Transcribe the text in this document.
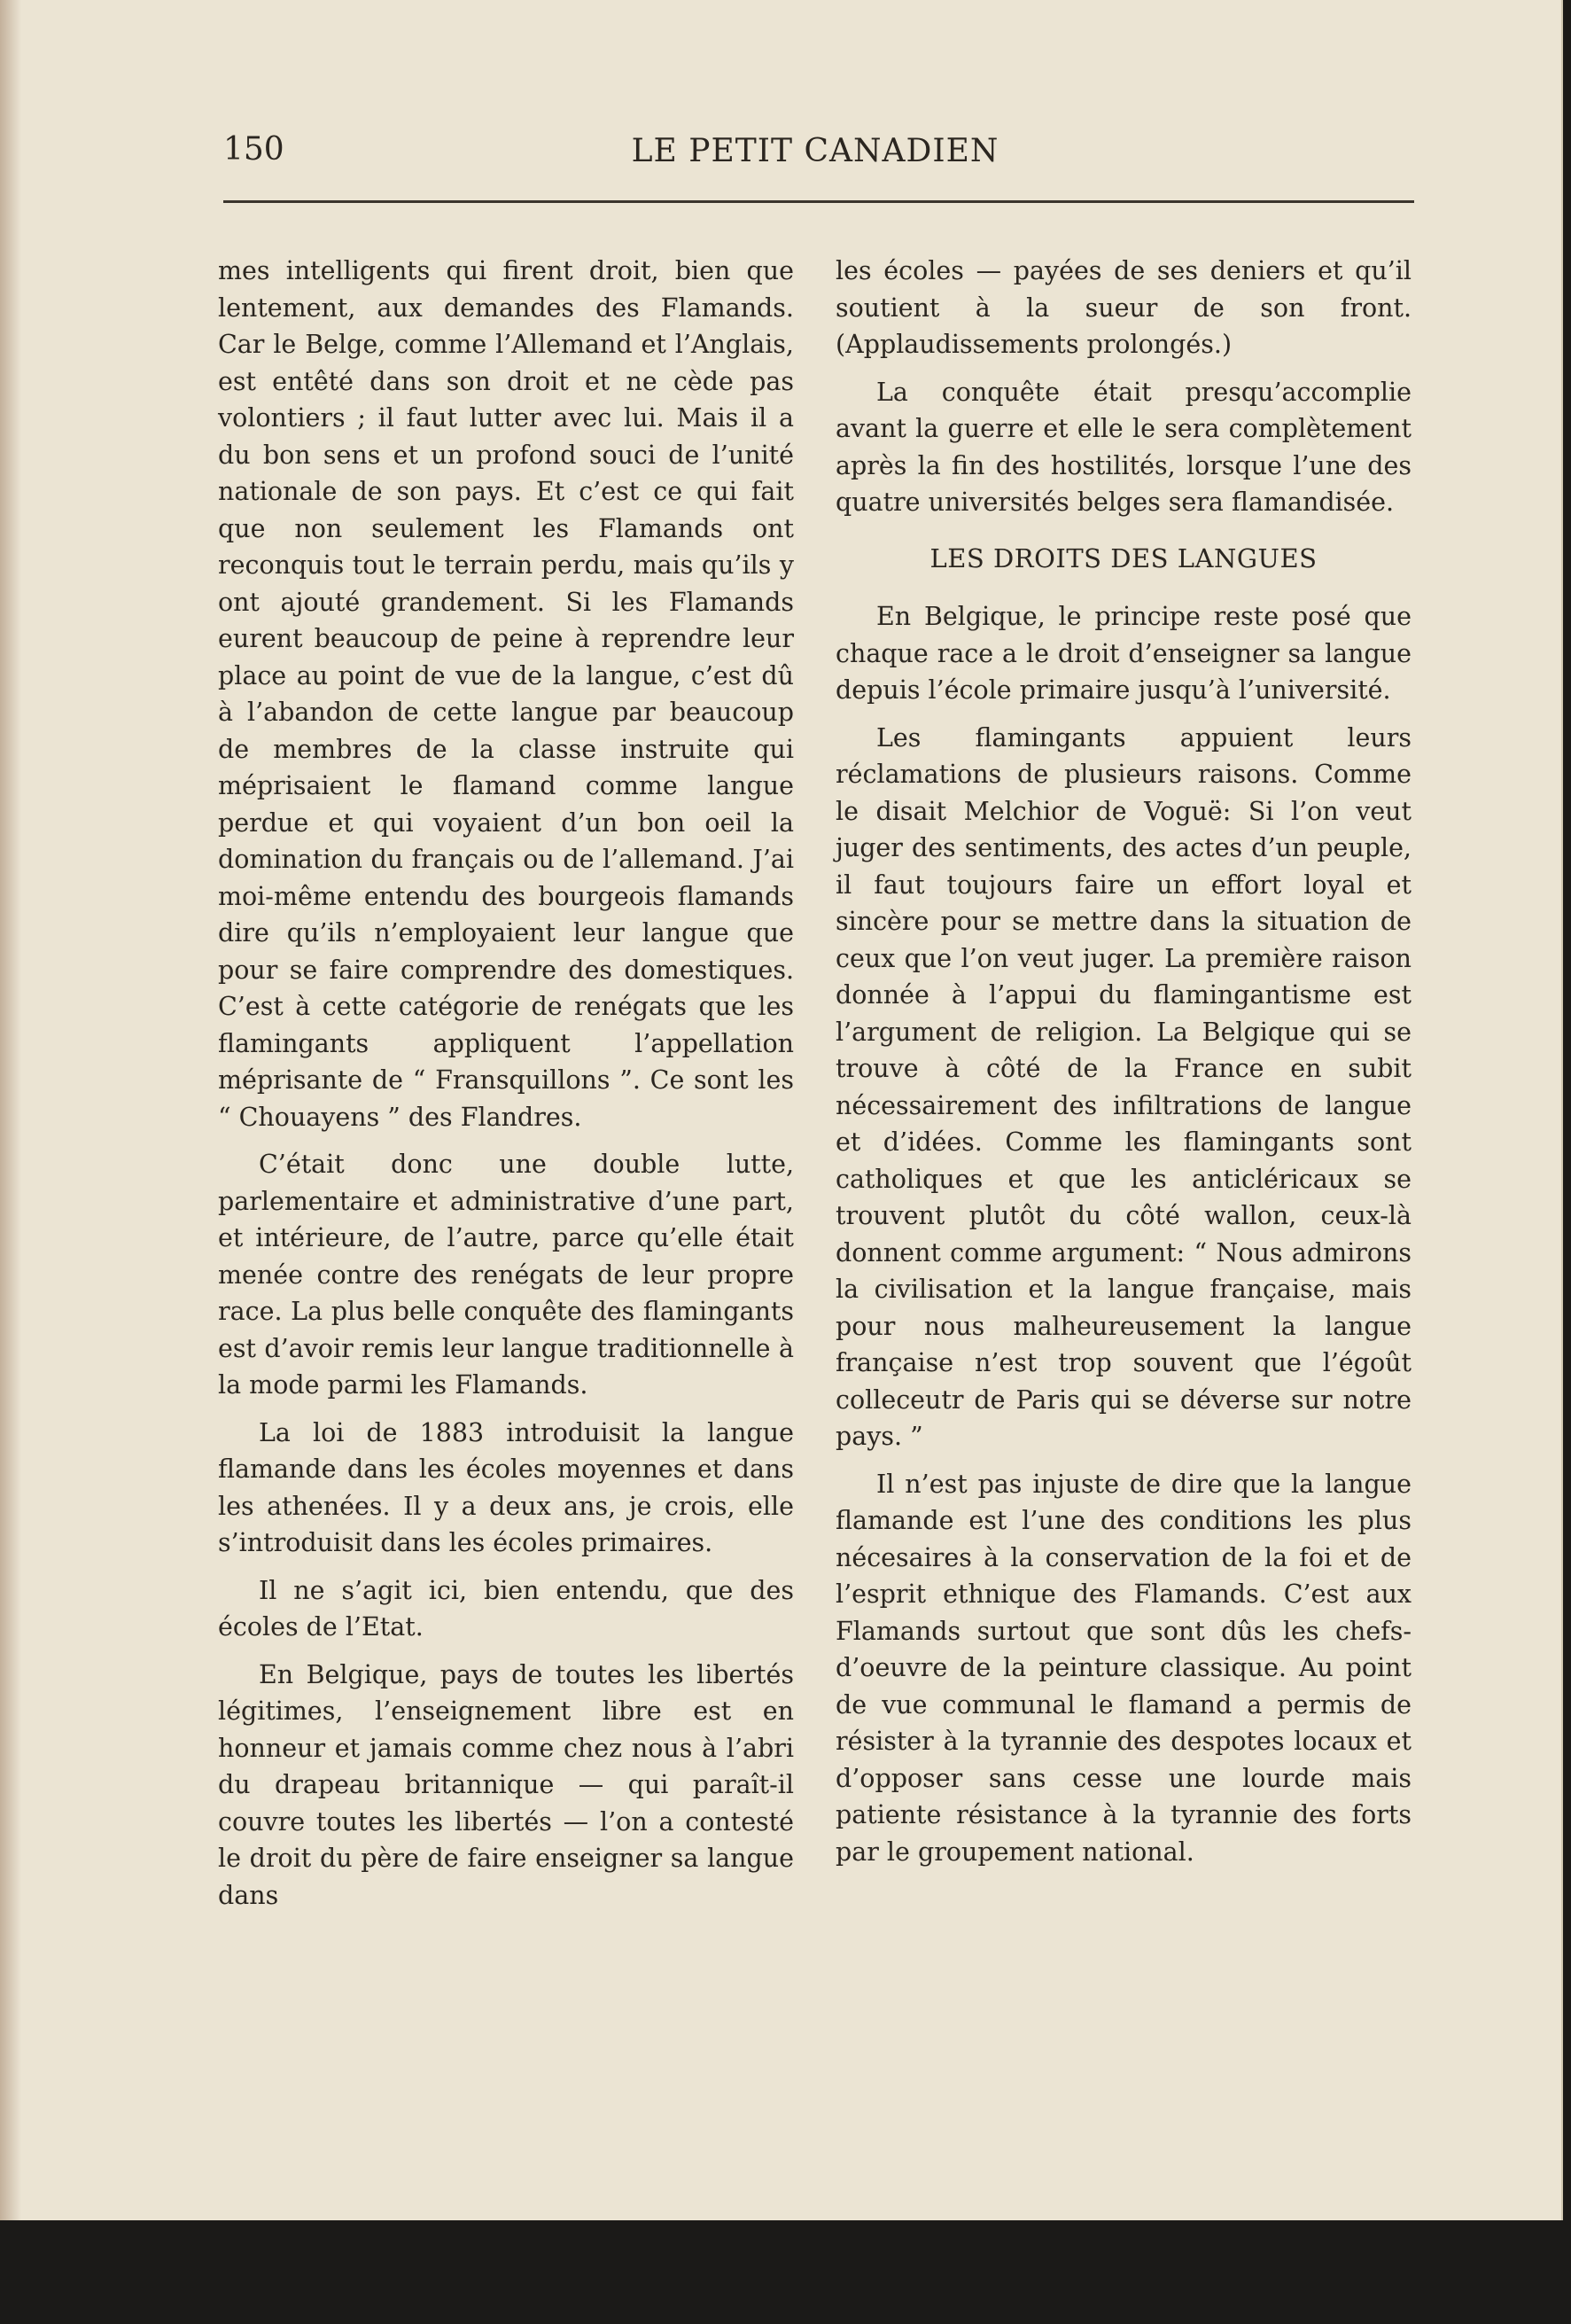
150	LE PETIT CANADIEN

mes intelligents qui firent droit, bien que lentement, aux demandes des Flamands. Car le Belge, comme l’Allemand et l’Anglais, est entêté dans son droit et ne cède pas volontiers ; il faut lutter avec lui. Mais il a du bon sens et un profond souci de l’unité nationale de son pays. Et c’est ce qui fait que non seulement les Flamands ont reconquis tout le terrain perdu, mais qu’ils y ont ajouté grandement. Si les Flamands eurent beaucoup de peine à reprendre leur place au point de vue de la langue, c’est dû à l’abandon de cette langue par beaucoup de membres de la classe instruite qui méprisaient le flamand comme langue perdue et qui voyaient d’un bon oeil la domination du français ou de l’allemand. J’ai moi-même entendu des bourgeois flamands dire qu’ils n’employaient leur langue que pour se faire comprendre des domestiques. C’est à cette catégorie de renégats que les flamingants appliquent l’appellation méprisante de “ Fransquillons ”. Ce sont les “ Chouayens ” des Flandres.

C’était donc une double lutte, parlementaire et administrative d’une part, et intérieure, de l’autre, parce qu’elle était menée contre des renégats de leur propre race. La plus belle conquête des flamingants est d’avoir remis leur langue traditionnelle à la mode parmi les Flamands.

La loi de 1883 introduisit la langue flamande dans les écoles moyennes et dans les athenées. Il y a deux ans, je crois, elle s’introduisit dans les écoles primaires.

Il ne s’agit ici, bien entendu, que des écoles de l’Etat.

En Belgique, pays de toutes les libertés légitimes, l’enseignement libre est en honneur et jamais comme chez nous à l’abri du drapeau britannique — qui paraît-il couvre toutes les libertés — l’on a contesté le droit du père de faire enseigner sa langue dans

les écoles — payées de ses deniers et qu’il soutient à la sueur de son front. (Applaudissements prolongés.)

La conquête était presqu’accomplie avant la guerre et elle le sera complètement après la fin des hostilités, lorsque l’une des quatre universités belges sera flamandisée.

LES DROITS DES LANGUES

En Belgique, le principe reste posé que chaque race a le droit d’enseigner sa langue depuis l’école primaire jusqu’à l’université.

Les flamingants appuient leurs réclamations de plusieurs raisons. Comme le disait Melchior de Voguë: Si l’on veut juger des sentiments, des actes d’un peuple, il faut toujours faire un effort loyal et sincère pour se mettre dans la situation de ceux que l’on veut juger. La première raison donnée à l’appui du flamingantisme est l’argument de religion. La Belgique qui se trouve à côté de la France en subit nécessairement des infiltrations de langue et d’idées. Comme les flamingants sont catholiques et que les anticléricaux se trouvent plutôt du côté wallon, ceux-là donnent comme argument: “ Nous admirons la civilisation et la langue française, mais pour nous malheureusement la langue française n’est trop souvent que l’égoût colleceutr de Paris qui se déverse sur notre pays. ”

Il n’est pas injuste de dire que la langue flamande est l’une des conditions les plus nécesaires à la conservation de la foi et de l’esprit ethnique des Flamands. C’est aux Flamands surtout que sont dûs les chefs-d’oeuvre de la peinture classique. Au point de vue communal le flamand a permis de résister à la tyrannie des despotes locaux et d’opposer sans cesse une lourde mais patiente résistance à la tyrannie des forts par le groupement national.
